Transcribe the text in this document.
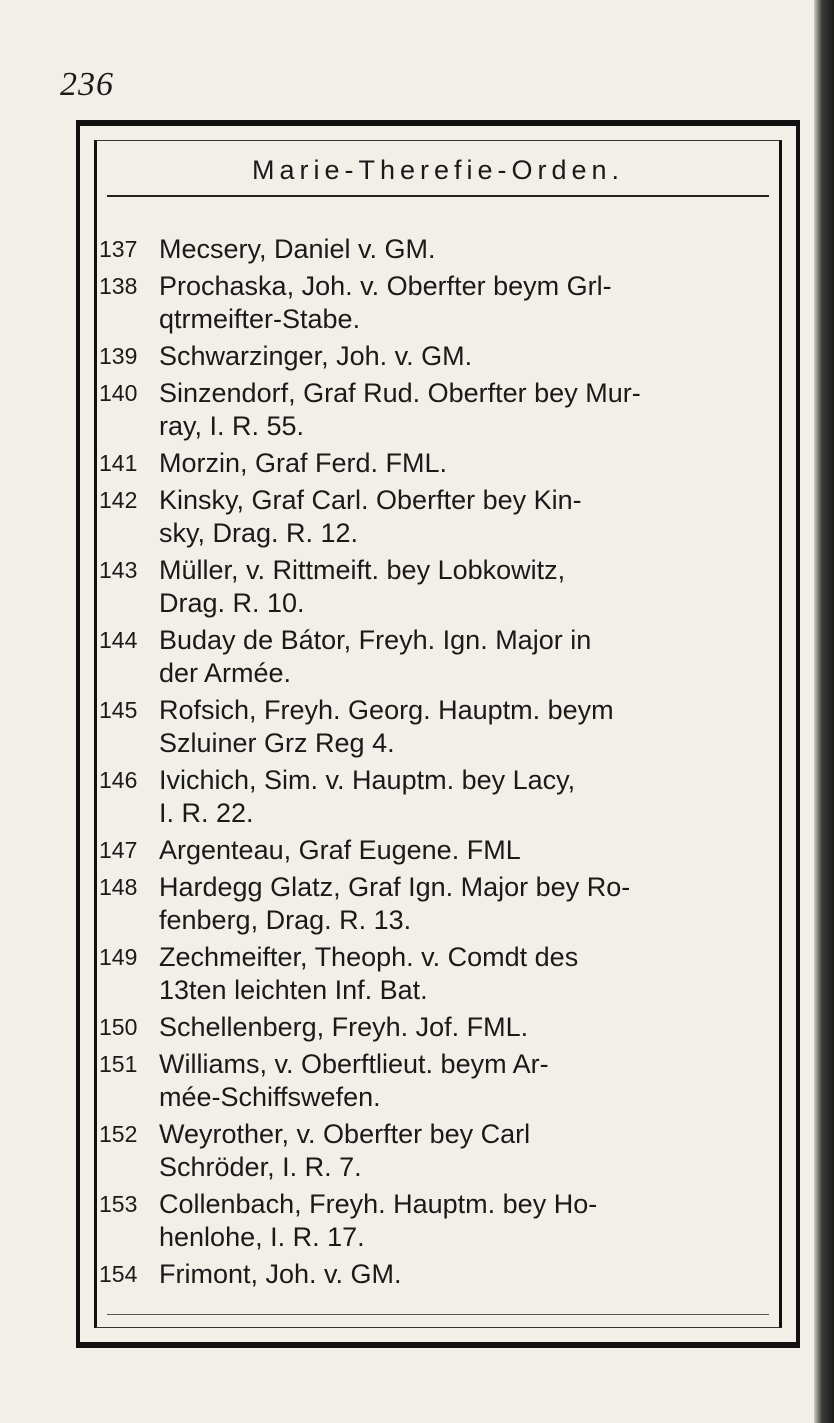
236
Marie-Therefie-Orden.
137 Mecsery, Daniel v. GM.
138 Prochaska, Joh. v. Oberfter beym Grl-
qtrmeifter-Stabe.
139 Schwarzinger, Joh. v. GM.
140 Sinzendorf, Graf Rud. Oberfter bey Mur-
ray, I. R. 55.
141 Morzin, Graf Ferd. FML.
142 Kinsky, Graf Carl. Oberfter bey Kin-
sky, Drag. R. 12.
143 Müller, v. Rittmeift. bey Lobkowitz,
Drag. R. 10.
144 Buday de Bátor, Freyh. Ign. Major in
der Armée.
145 Rofsich, Freyh. Georg. Hauptm. beym
Szluiner Grz Reg 4.
146 Ivichich, Sim. v. Hauptm. bey Lacy,
I. R. 22.
147 Argenteau, Graf Eugene. FML
148 Hardegg Glatz, Graf Ign. Major bey Ro-
fenberg, Drag. R. 13.
149 Zechmeifter, Theoph. v. Comdt des
13ten leichten Inf. Bat.
150 Schellenberg, Freyh. Jof. FML.
151 Williams, v. Oberftlieut. beym Ar-
mée-Schiffswefen.
152 Weyrother, v. Oberfter bey Carl
Schröder, I. R. 7.
153 Collenbach, Freyh. Hauptm. bey Ho-
henlohe, I. R. 17.
154 Frimont, Joh. v. GM.
